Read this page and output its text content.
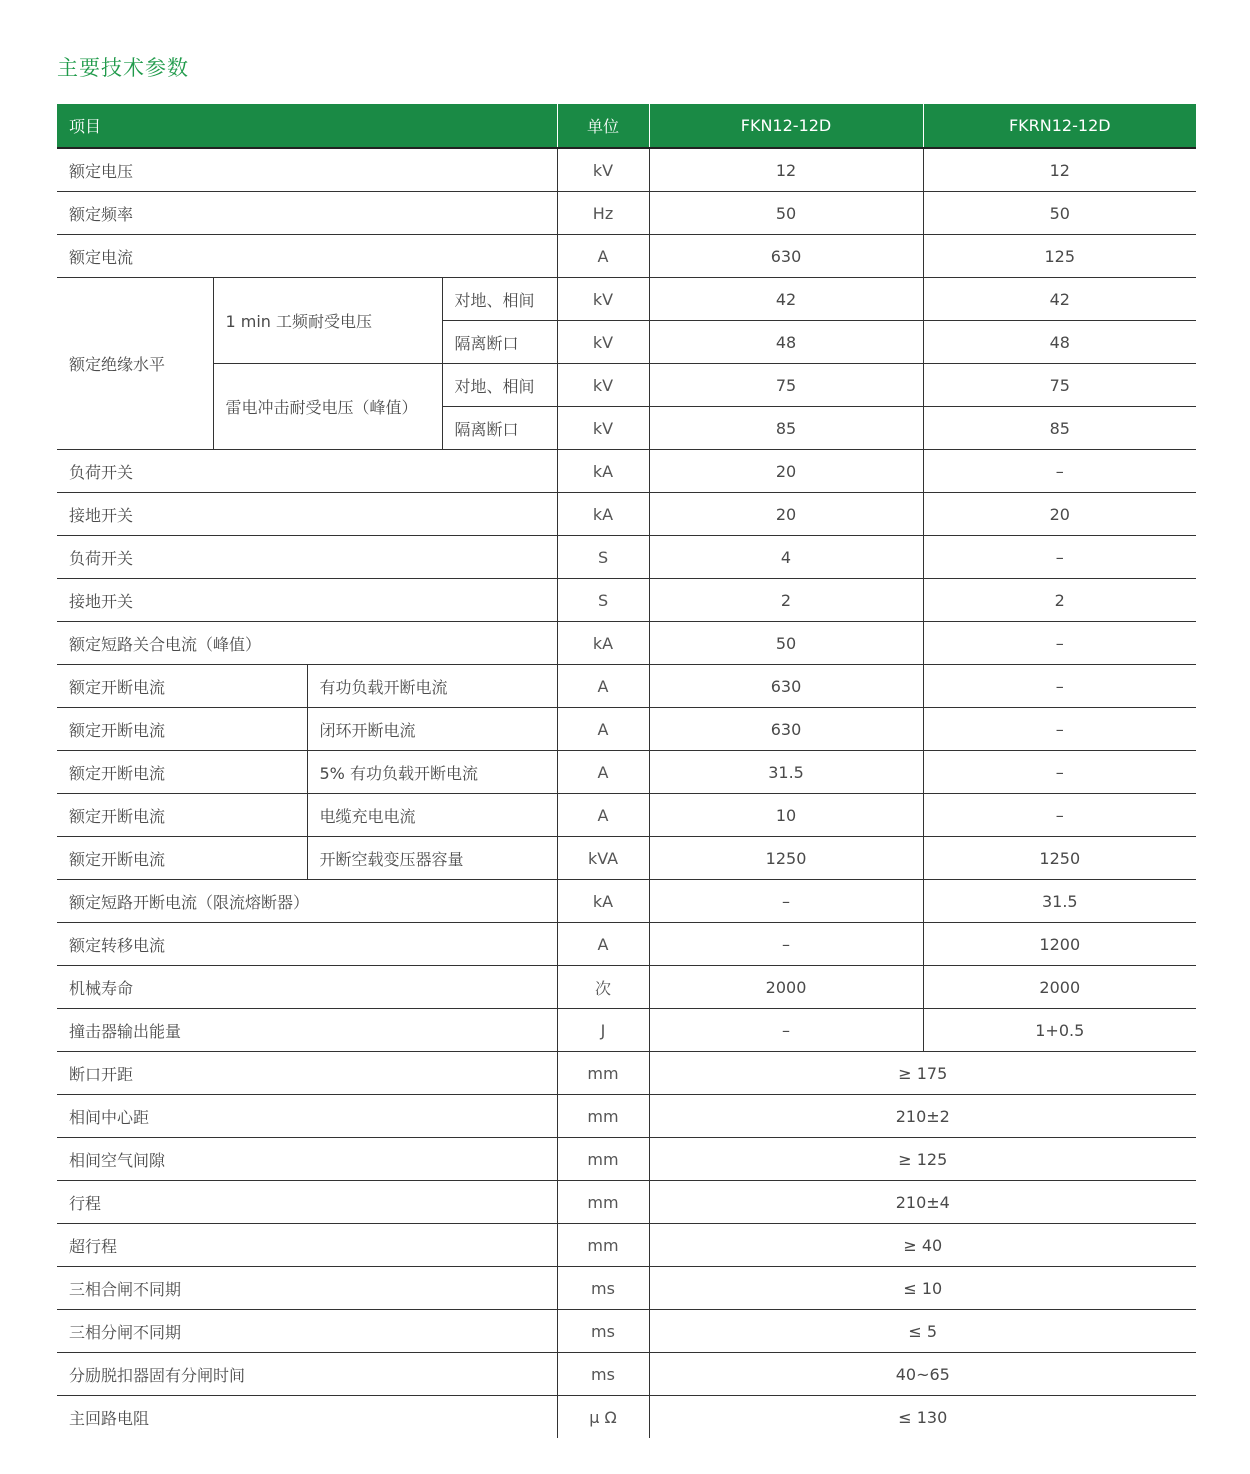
主要技术参数
项目				单位	FKN12-12D	FKRN12-12D
额定电压				kV	12	12
额定频率				Hz	50	50
额定电流				A	630	125
额定绝缘水平	1 min 工频耐受电压		对地、相间	kV	42	42
			隔离断口	kV	48	48
	雷电冲击耐受电压（峰值）		对地、相间	kV	75	75
			隔离断口	kV	85	85
负荷开关				kA	20	–
接地开关				kA	20	20
负荷开关				S	4	–
接地开关				S	2	2
额定短路关合电流（峰值）				kA	50	–
额定开断电流		有功负载开断电流		A	630	–
额定开断电流		闭环开断电流		A	630	–
额定开断电流		5% 有功负载开断电流		A	31.5	–
额定开断电流		电缆充电电流		A	10	–
额定开断电流		开断空载变压器容量		kVA	1250	1250
额定短路开断电流（限流熔断器）				kA	–	31.5
额定转移电流				A	–	1200
机械寿命				次	2000	2000
撞击器输出能量				J	–	1+0.5
断口开距				mm	≥ 175	
相间中心距				mm	210±2	
相间空气间隙				mm	≥ 125	
行程				mm	210±4	
超行程				mm	≥ 40	
三相合闸不同期				ms	≤ 10	
三相分闸不同期				ms	≤ 5	
分励脱扣器固有分闸时间				ms	40~65	
主回路电阻				μ Ω	≤ 130	
